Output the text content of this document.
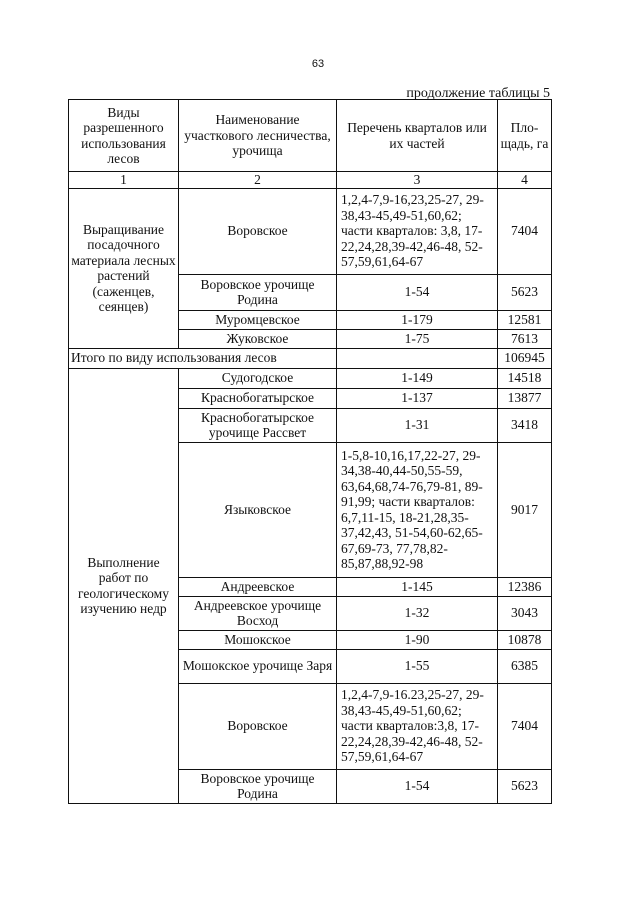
63
продолжение таблицы 5
Виды разрешенного использования лесов	Наименование участкового лесничества, урочища	Перечень кварталов или их частей	Пло-щадь, га
1	2	3	4
Выращивание посадочного материала лесных растений (саженцев, сеянцев)	Воровское	1,2,4-7,9-16,23,25-27, 29-38,43-45,49-51,60,62; части кварталов: 3,8, 17-22,24,28,39-42,46-48, 52-57,59,61,64-67	7404
	Воровское урочище Родина	1-54	5623
	Муромцевское	1-179	12581
	Жуковское	1-75	7613
Итого по виду использования лесов			106945
Выполнение работ по геологическому изучению недр	Судогодское	1-149	14518
	Краснобогатырское	1-137	13877
	Краснобогатырское урочище Рассвет	1-31	3418
	Языковское	1-5,8-10,16,17,22-27, 29-34,38-40,44-50,55-59, 63,64,68,74-76,79-81, 89-91,99; части кварталов: 6,7,11-15, 18-21,28,35-37,42,43, 51-54,60-62,65-67,69-73, 77,78,82-85,87,88,92-98	9017
	Андреевское	1-145	12386
	Андреевское урочище Восход	1-32	3043
	Мошокское	1-90	10878
	Мошокское урочище Заря	1-55	6385
	Воровское	1,2,4-7,9-16.23,25-27, 29-38,43-45,49-51,60,62; части кварталов:3,8, 17-22,24,28,39-42,46-48, 52-57,59,61,64-67	7404
	Воровское урочище Родина	1-54	5623
